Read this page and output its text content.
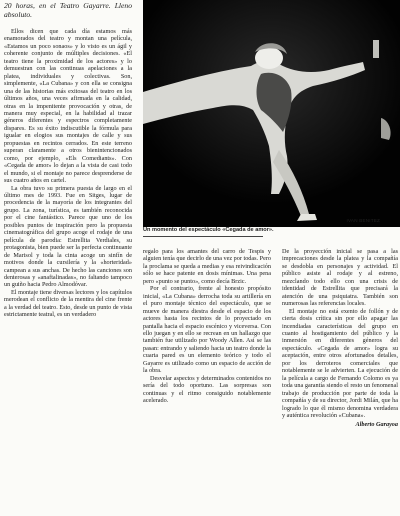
20 horas, en el Teatro Gayarre. Lleno absoluto.

Ellos dicen que cada día estamos más enamorados del teatro y montan una película, «Estamos un poco sonaos» y lo visto es un ágil y coherente conjunto de múltiples decisiones. «El teatro tiene la proximidad de los actores» y lo demuestran con las continuas apelaciones a la platea, individuales y colectivas. Son, simplemente, «La Cubana» y con ella se consigna una de las historias más exitosas del teatro en los últimos años, una veces afirmada en la calidad, otras en la impenitente provocación y otras, de manera muy especial, en la habilidad al trazar géneros diferentes y espectros completamente dispares. Es su éxito indiscutible la fórmula para igualar en elogios sus montajes de calle y sus propuestas en recintos cerrados. En este terreno superan claramente a otros bienintencionados como, por ejemplo, «Els Comediants». Con «Cegada de amor» lo dejan a la vista de casi todo el mundo, si el montaje no parece desprenderse de sus cuatro años en cartel.

La obra tuvo su primera puesta de largo en el último mes de 1993. Fue en Sitges, lugar de procedencia de la mayoría de los integrantes del grupo. La zona, turística, es también reconocida por el cine fantástico. Parece que uno de los posibles puntos de inspiración pero la propuesta cinematográfica del grupo acoge el rodaje de una película de parodia: Estrellita Verdiales, su protagonista, bien puede ser la perfecta continuante de Marisol y toda la cinta acoge un sinfín de motivos donde la cursilería y la «horteridad» campean a sus anchas. De hecho las canciones son denterosas y «anaftalinadas», no faltando tampoco un guiño hacia Pedro Almodóvar.

El montaje tiene diversas lectores y los capítulos merodean el conflicto de la mentira del cine frente a la verdad del teatro. Esto, desde un punto de vista estrictamente teatral, es un verdadero

IVAN BENITEZ
Un momento del espectáculo «Cegada de amor».

regalo para los amantes del carro de Tespis y alguien tenía que decirlo de una vez por todas. Pero la proclama se queda a medias y esa reivindicación sólo se hace patente en dosis mínimas. Una pena pero «punto se punto», como decía Brzic.

Por el contrario, frente al honesto propósito inicial, «La Cubana» derrocha toda su artillería en el puro montaje técnico del espectáculo, que se mueve de manera diestra desde el espacio de los actores hasta los recintos de lo proyectado en pantalla hacia el espacio escénico y viceversa. Con ello juegan y en ello se recrean en un hallazgo que también fue utilizado por Woody Allen. Así se las pasan: entrando y saliendo hacia un teatro donde la cuarta pared es un elemento teórico y todo el Gayarre es utilizado como un espacio de acción de la obra.

Desvelar aspectos y determinados contenidos no sería del todo oportuno. Las sorpresas son continuas y el ritmo consiguido notablemente acelerado.

De la proyección inicial se pasa a las imprecaciones desde la platea y la compañía se desdobla en personajes y actividad. El público asiste al rodaje y al estreno, mezclando todo ello con una crisis de identidad de Estrellita que precisará la atención de una psiquiatra. También son numerosas las referencias locales.

El montaje no está exento de follón y de cierta dosis crítica sin por ello apagar las incendiadas características del grupo en cuanto al hostigamiento del público y la inmersión en diferentes géneros del espectáculo. «Cegada de amor» logra su aceptación, entre otros afortunados detalles, por los derroteros comerciales que notablemente se le advierten. La ejecución de la película a cargo de Fernando Colomo es ya toda una garantía siendo el resto un fenomenal trabajo de producción por parte de toda la compañía y de su director, Jordi Milán, que ha logrado lo que él mismo denomina verdadera y auténtica revolución «Cubana».

Alberto Garayoa
